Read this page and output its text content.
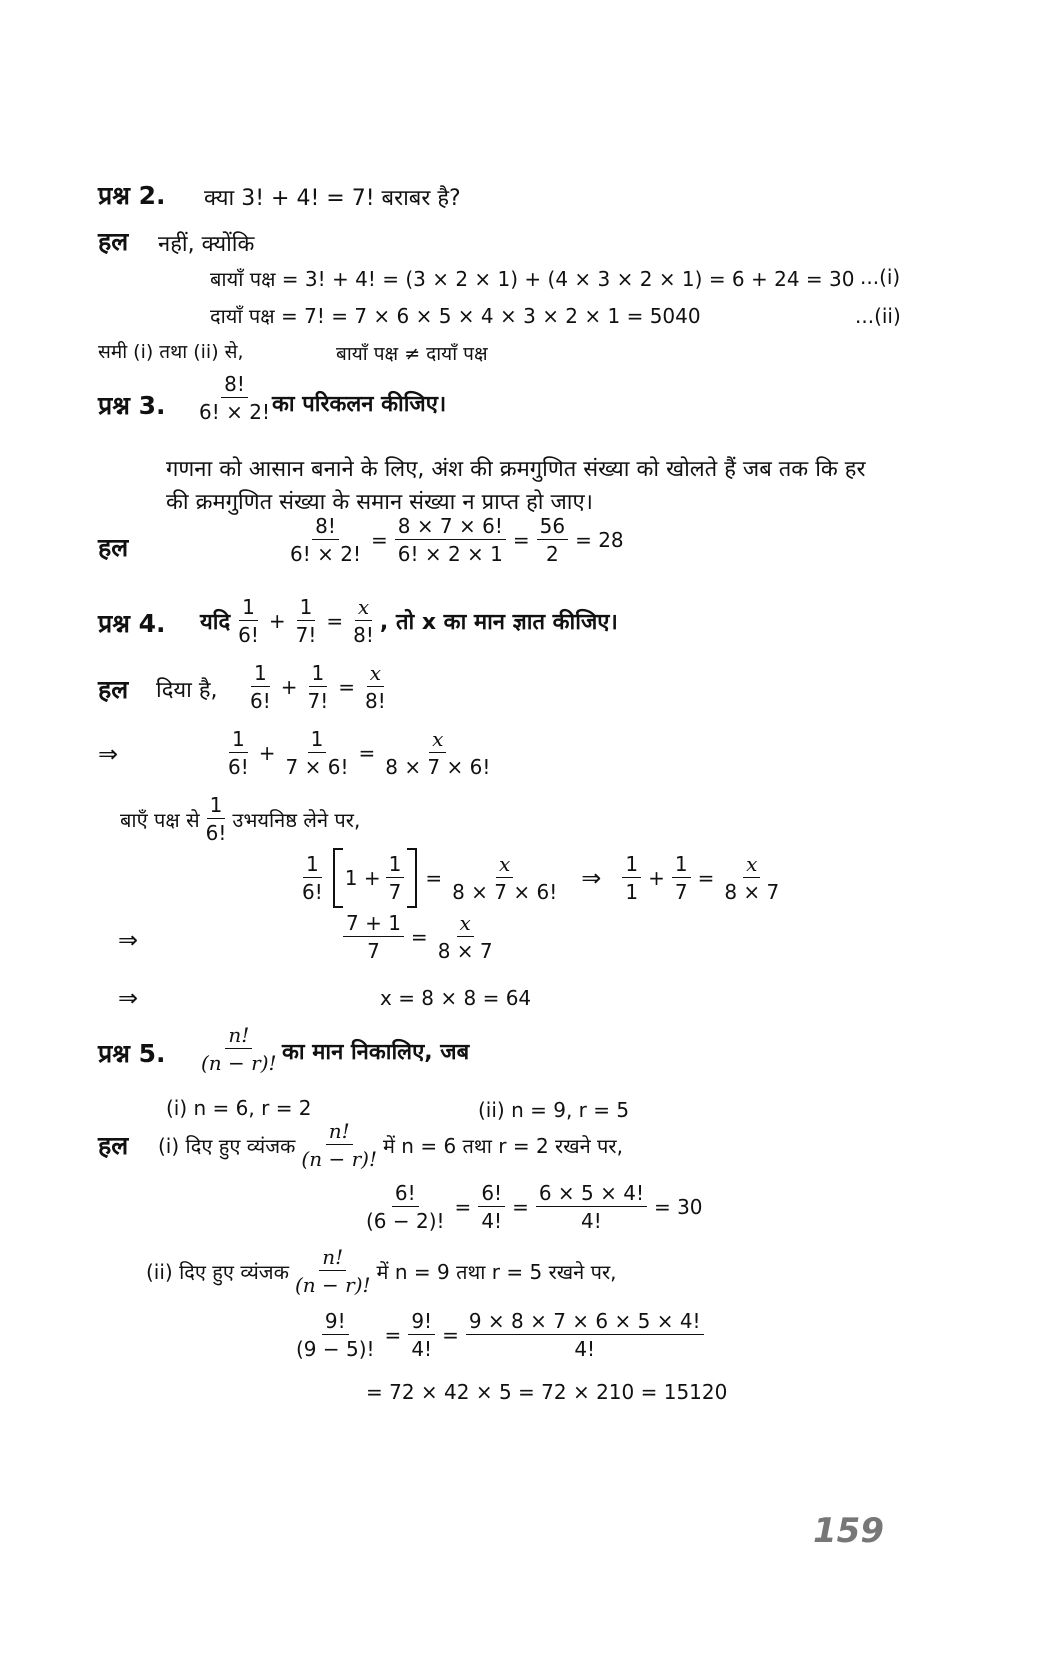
प्रश्न 2. क्या 3! + 4! = 7! बराबर है?
हल नहीं, क्योंकि
बायाँ पक्ष = 3! + 4! = (3 × 2 × 1) + (4 × 3 × 2 × 1) = 6 + 24 = 30 ...(i)
दायाँ पक्ष = 7! = 7 × 6 × 5 × 4 × 3 × 2 × 1 = 5040	...(ii)
समी (i) तथा (ii) से,	बायाँ पक्ष ≠ दायाँ पक्ष
प्रश्न 3. $\frac{8!}{6! \times 2!}$ का परिकलन कीजिए।
गणना को आसान बनाने के लिए, अंश की क्रमगुणित संख्या को खोलते हैं जब तक कि हर
की क्रमगुणित संख्या के समान संख्या न प्राप्त हो जाए।
हल	$\frac{8!}{6! \times 2!} = \frac{8 \times 7 \times 6!}{6! \times 2 \times 1} = \frac{56}{2} = 28$
प्रश्न 4. यदि $\frac{1}{6!} + \frac{1}{7!} = \frac{x}{8!}$ , तो x का मान ज्ञात कीजिए।
हल दिया है, $\frac{1}{6!} + \frac{1}{7!} = \frac{x}{8!}$
⇒	$\frac{1}{6!} + \frac{1}{7 \times 6!} = \frac{x}{8 \times 7 \times 6!}$
बाएँ पक्ष से $\frac{1}{6!}$ उभयनिष्ठ लेने पर,
$\frac{1}{6!} 1 + \frac{1}{7} = \frac{x}{8 \times 7 \times 6!}$ ⇒ $\frac{1}{1} + \frac{1}{7} = \frac{x}{8 \times 7}$
⇒	$\frac{7 + 1}{7} = \frac{x}{8 \times 7}$
⇒	x = 8 × 8 = 64
प्रश्न 5. $\frac{n!}{(n - r)!}$ का मान निकालिए, जब
(i) n = 6, r = 2	(ii) n = 9, r = 5
हल (i) दिए हुए व्यंजक $\frac{n!}{(n - r)!}$ में n = 6 तथा r = 2 रखने पर,
$\frac{6!}{(6 - 2)!} = \frac{6!}{4!} = \frac{6 \times 5 \times 4!}{4!} = 30$
(ii) दिए हुए व्यंजक $\frac{n!}{(n - r)!}$ में n = 9 तथा r = 5 रखने पर,
$\frac{9!}{(9 - 5)!} = \frac{9!}{4!} = \frac{9 \times 8 \times 7 \times 6 \times 5 \times 4!}{4!}$
= 72 × 42 × 5 = 72 × 210 = 15120
159
